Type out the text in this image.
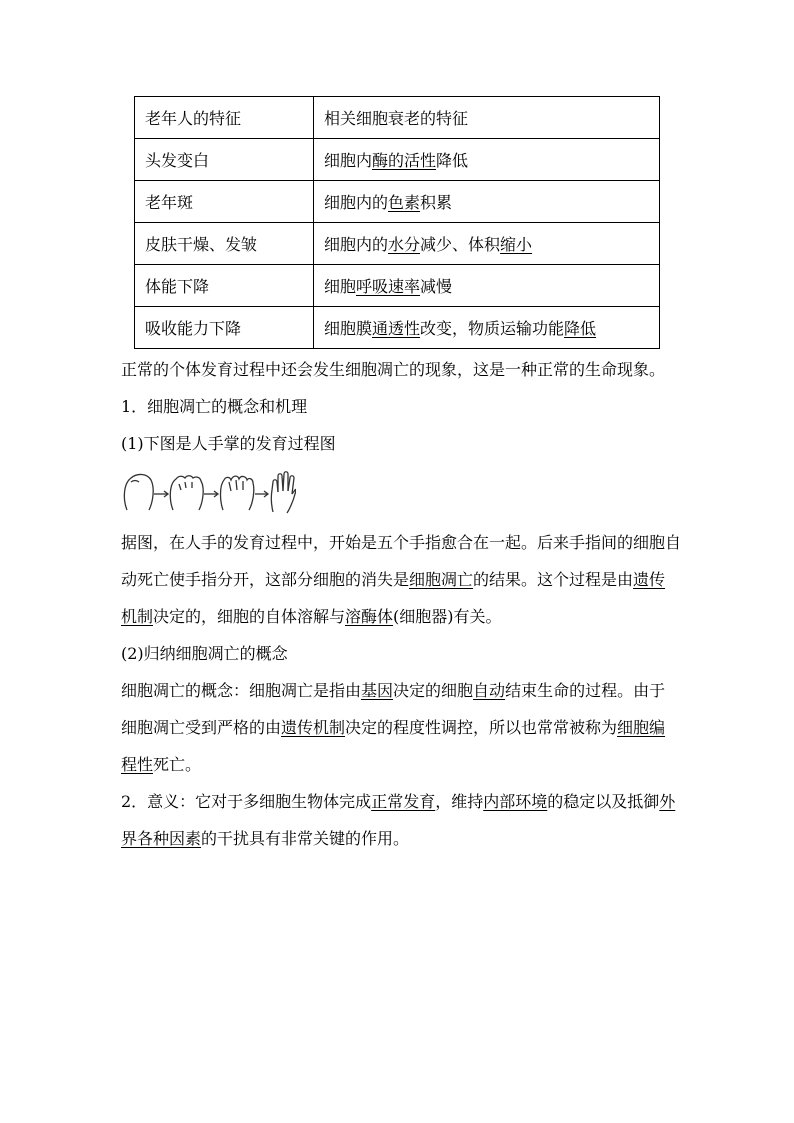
老年人的特征	相关细胞衰老的特征
头发变白	细胞内酶的活性降低
老年斑	细胞内的色素积累
皮肤干燥、发皱	细胞内的水分减少、体积缩小
体能下降	细胞呼吸速率减慢
吸收能力下降	细胞膜通透性改变，物质运输功能降低

正常的个体发育过程中还会发生细胞凋亡的现象，这是一种正常的生命现象。

1．细胞凋亡的概念和机理

(1)下图是人手掌的发育过程图

据图，在人手的发育过程中，开始是五个手指愈合在一起。后来手指间的细胞自动死亡使手指分开，这部分细胞的消失是细胞凋亡的结果。这个过程是由遗传机制决定的，细胞的自体溶解与溶酶体(细胞器)有关。

(2)归纳细胞凋亡的概念

细胞凋亡的概念：细胞凋亡是指由基因决定的细胞自动结束生命的过程。由于细胞凋亡受到严格的由遗传机制决定的程度性调控，所以也常常被称为细胞编程性死亡。

2．意义：它对于多细胞生物体完成正常发育，维持内部环境的稳定以及抵御外界各种因素的干扰具有非常关键的作用。
